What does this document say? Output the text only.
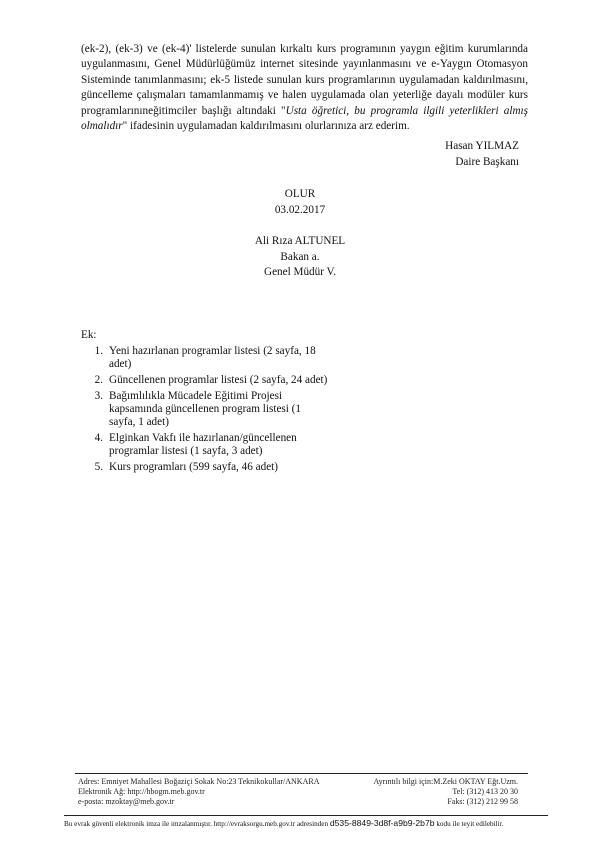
(ek-2), (ek-3) ve (ek-4)' listelerde sunulan kırkaltı kurs programının yaygın eğitim kurumlarında uygulanmasını, Genel Müdürlüğümüz internet sitesinde yayınlanmasını ve e-Yaygın Otomasyon Sisteminde tanımlanmasını; ek-5 listede sunulan kurs programlarının uygulamadan kaldırılmasını, güncelleme çalışmaları tamamlanmamış ve halen uygulamada olan yeterliğe dayalı modüler kurs programlarınıneğitimciler başlığı altındaki "Usta öğretici, bu programla ilgili yeterlikleri almış olmalıdır" ifadesinin uygulamadan kaldırılmasını olurlarınıza arz ederim.

Hasan YILMAZ
Daire Başkanı
OLUR
03.02.2017
Ali Rıza ALTUNEL
Bakan a.
Genel Müdür V.
Ek:
1. Yeni hazırlanan programlar listesi (2 sayfa, 18 adet)
2. Güncellenen programlar listesi (2 sayfa, 24 adet)
3. Bağımlılıkla Mücadele Eğitimi Projesi kapsamında güncellenen program listesi (1 sayfa, 1 adet)
4. Elginkan Vakfı ile hazırlanan/güncellenen programlar listesi (1 sayfa, 3 adet)
5. Kurs programları (599 sayfa, 46 adet)
Adres: Emniyet Mahallesi Boğaziçi Sokak No:23 Teknikokullar/ANKARA	Ayrıntılı bilgi için:M.Zeki OKTAY Eğt.Uzm.
Elektronik Ağ: http://hbogm.meb.gov.tr	Tel: (312) 413 20 30
e-posta: mzoktay@meb.gov.tr	Faks: (312) 212 99 58
Bu evrak güvenli elektronik imza ile imzalanmıştır. http://evraksorgu.meb.gov.tr adresinden d535-8849-3d8f-a9b9-2b7b kodu ile teyit edilebilir.
